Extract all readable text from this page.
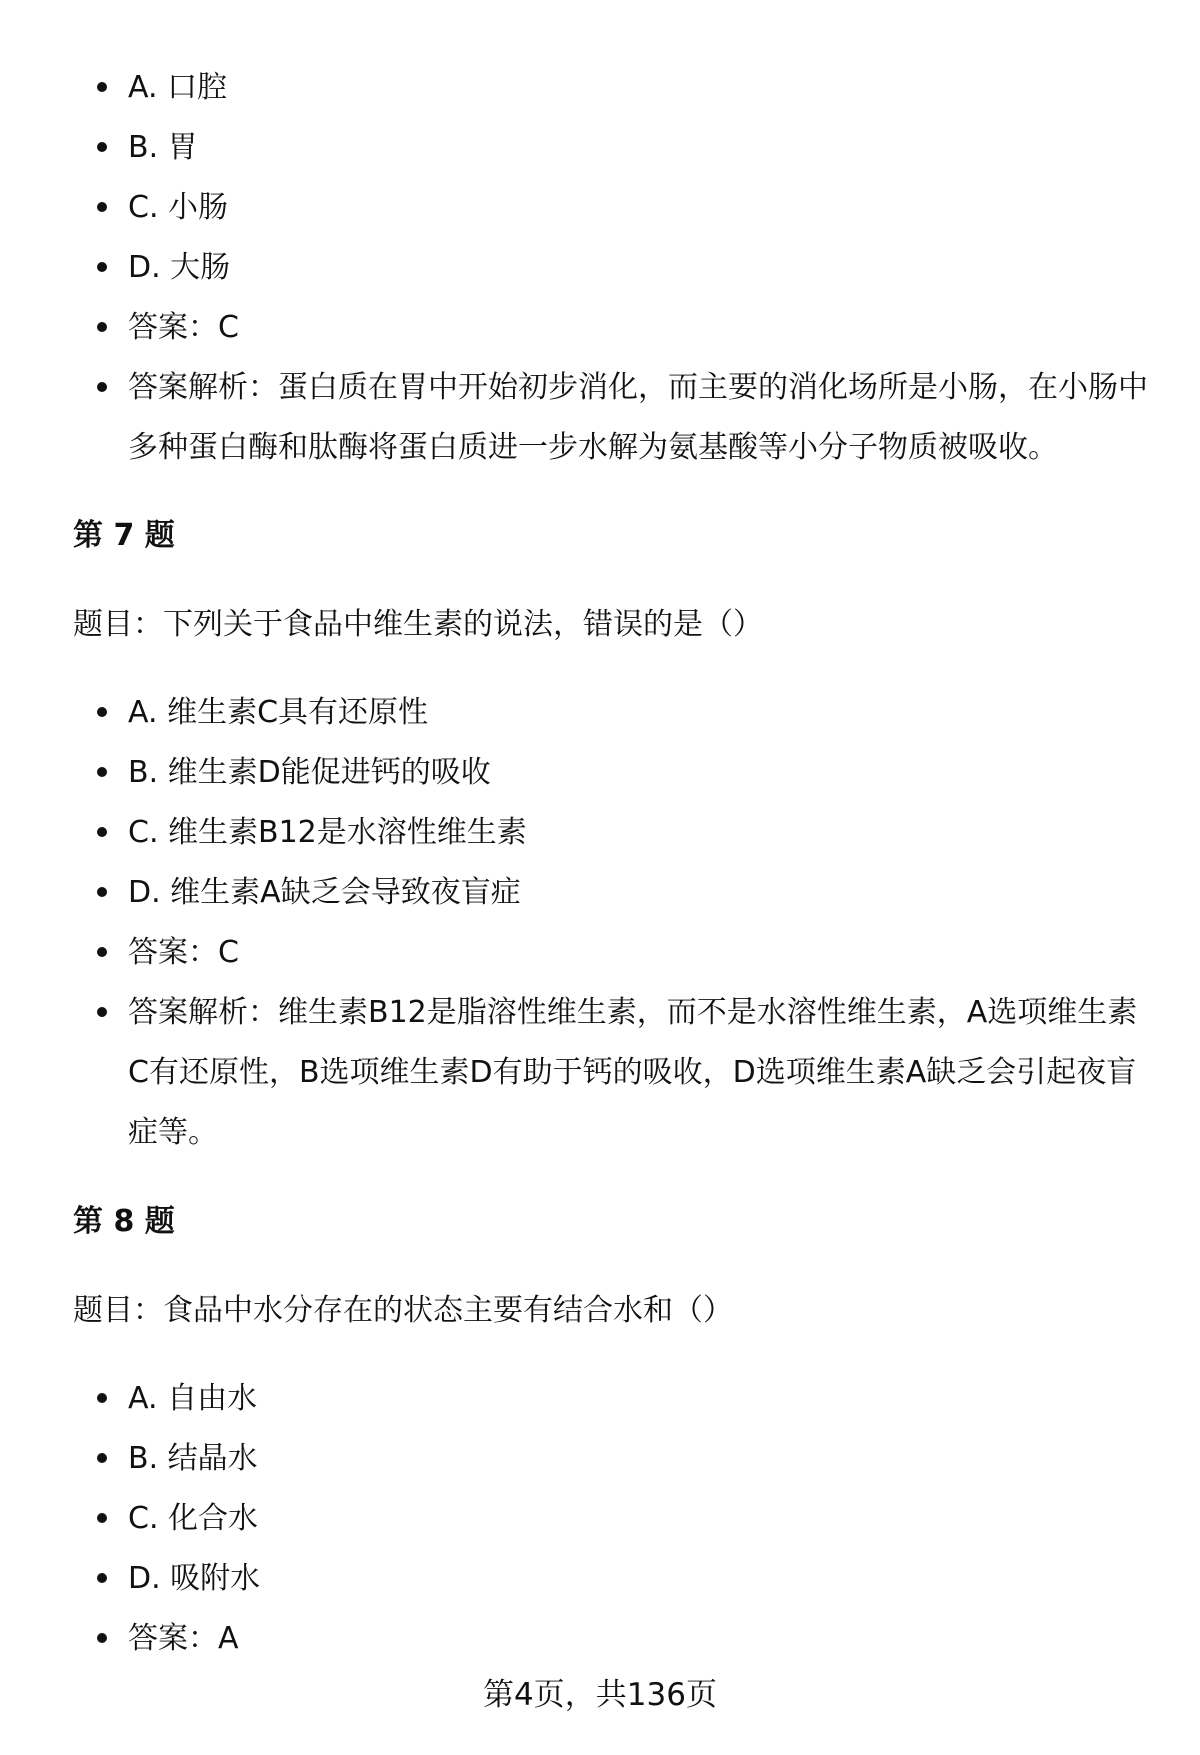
A. 口腔
B. 胃
C. 小肠
D. 大肠
答案：C
答案解析：蛋白质在胃中开始初步消化，而主要的消化场所是小肠，在小肠中多种蛋白酶和肽酶将蛋白质进一步水解为氨基酸等小分子物质被吸收。
第 7 题

题目：下列关于食品中维生素的说法，错误的是（）

A. 维生素C具有还原性
B. 维生素D能促进钙的吸收
C. 维生素B12是水溶性维生素
D. 维生素A缺乏会导致夜盲症
答案：C
答案解析：维生素B12是脂溶性维生素，而不是水溶性维生素，A选项维生素C有还原性，B选项维生素D有助于钙的吸收，D选项维生素A缺乏会引起夜盲症等。
第 8 题

题目：食品中水分存在的状态主要有结合水和（）

A. 自由水
B. 结晶水
C. 化合水
D. 吸附水
答案：A
第4页，共136页
